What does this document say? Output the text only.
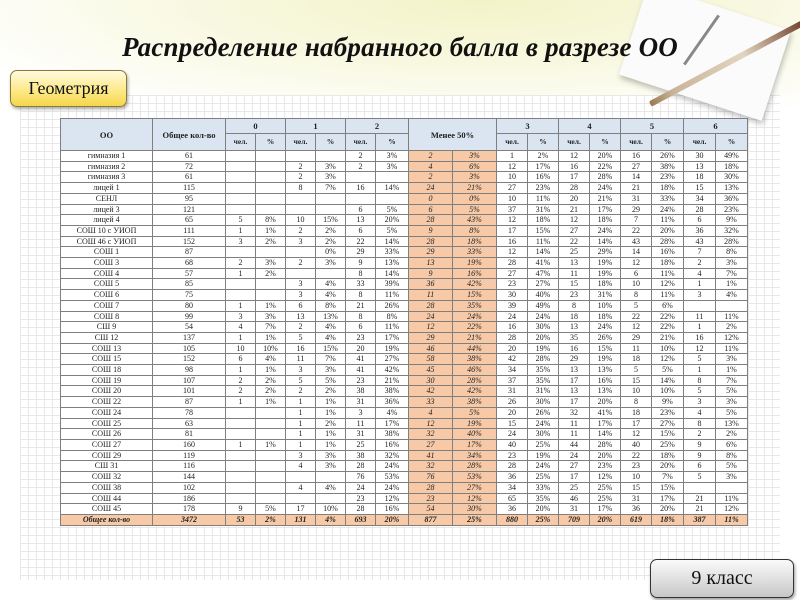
Распределение набранного балла в разрезе ОО
Геометрия
ОО	Общее кол-во	0		1		2		Менее 50%		3		4		5		6	
		чел.	%	чел.	%	чел.	%			чел.	%	чел.	%	чел.	%	чел.	%
гимназия 1	61					2	3%	2	3%	1	2%	12	20%	16	26%	30	49%
гимназия 2	72			2	3%	2	3%	4	6%	12	17%	16	22%	27	38%	13	18%
гимназия 3	61			2	3%			2	3%	10	16%	17	28%	14	23%	18	30%
лицей 1	115			8	7%	16	14%	24	21%	27	23%	28	24%	21	18%	15	13%
СЕНЛ	95							0	0%	10	11%	20	21%	31	33%	34	36%
лицей 3	121					6	5%	6	5%	37	31%	21	17%	29	24%	28	23%
лицей 4	65	5	8%	10	15%	13	20%	28	43%	12	18%	12	18%	7	11%	6	9%
СОШ 10 с УИОП	111	1	1%	2	2%	6	5%	9	8%	17	15%	27	24%	22	20%	36	32%
СОШ 46 с УИОП	152	3	2%	3	2%	22	14%	28	18%	16	11%	22	14%	43	28%	43	28%
СОШ 1	87				0%	29	33%	29	33%	12	14%	25	29%	14	16%	7	8%
СОШ 3	68	2	3%	2	3%	9	13%	13	19%	28	41%	13	19%	12	18%	2	3%
СОШ 4	57	1	2%			8	14%	9	16%	27	47%	11	19%	6	11%	4	7%
СОШ 5	85			3	4%	33	39%	36	42%	23	27%	15	18%	10	12%	1	1%
СОШ 6	75			3	4%	8	11%	11	15%	30	40%	23	31%	8	11%	3	4%
СОШ 7	80	1	1%	6	8%	21	26%	28	35%	39	49%	8	10%	5	6%		
СОШ 8	99	3	3%	13	13%	8	8%	24	24%	24	24%	18	18%	22	22%	11	11%
СШ 9	54	4	7%	2	4%	6	11%	12	22%	16	30%	13	24%	12	22%	1	2%
СШ 12	137	1	1%	5	4%	23	17%	29	21%	28	20%	35	26%	29	21%	16	12%
СОШ 13	105	10	10%	16	15%	20	19%	46	44%	20	19%	16	15%	11	10%	12	11%
СОШ 15	152	6	4%	11	7%	41	27%	58	38%	42	28%	29	19%	18	12%	5	3%
СОШ 18	98	1	1%	3	3%	41	42%	45	46%	34	35%	13	13%	5	5%	1	1%
СОШ 19	107	2	2%	5	5%	23	21%	30	28%	37	35%	17	16%	15	14%	8	7%
СОШ 20	101	2	2%	2	2%	38	38%	42	42%	31	31%	13	13%	10	10%	5	5%
СОШ 22	87	1	1%	1	1%	31	36%	33	38%	26	30%	17	20%	8	9%	3	3%
СОШ 24	78			1	1%	3	4%	4	5%	20	26%	32	41%	18	23%	4	5%
СОШ 25	63			1	2%	11	17%	12	19%	15	24%	11	17%	17	27%	8	13%
СОШ 26	81			1	1%	31	38%	32	40%	24	30%	11	14%	12	15%	2	2%
СОШ 27	160	1	1%	1	1%	25	16%	27	17%	40	25%	44	28%	40	25%	9	6%
СОШ 29	119			3	3%	38	32%	41	34%	23	19%	24	20%	22	18%	9	8%
СШ 31	116			4	3%	28	24%	32	28%	28	24%	27	23%	23	20%	6	5%
СОШ 32	144					76	53%	76	53%	36	25%	17	12%	10	7%	5	3%
СОШ 38	102			4	4%	24	24%	28	27%	34	33%	25	25%	15	15%		
СОШ 44	186					23	12%	23	12%	65	35%	46	25%	31	17%	21	11%
СОШ 45	178	9	5%	17	10%	28	16%	54	30%	36	20%	31	17%	36	20%	21	12%
Общее кол-во	3472	53	2%	131	4%	693	20%	877	25%	880	25%	709	20%	619	18%	387	11%
9 класс
